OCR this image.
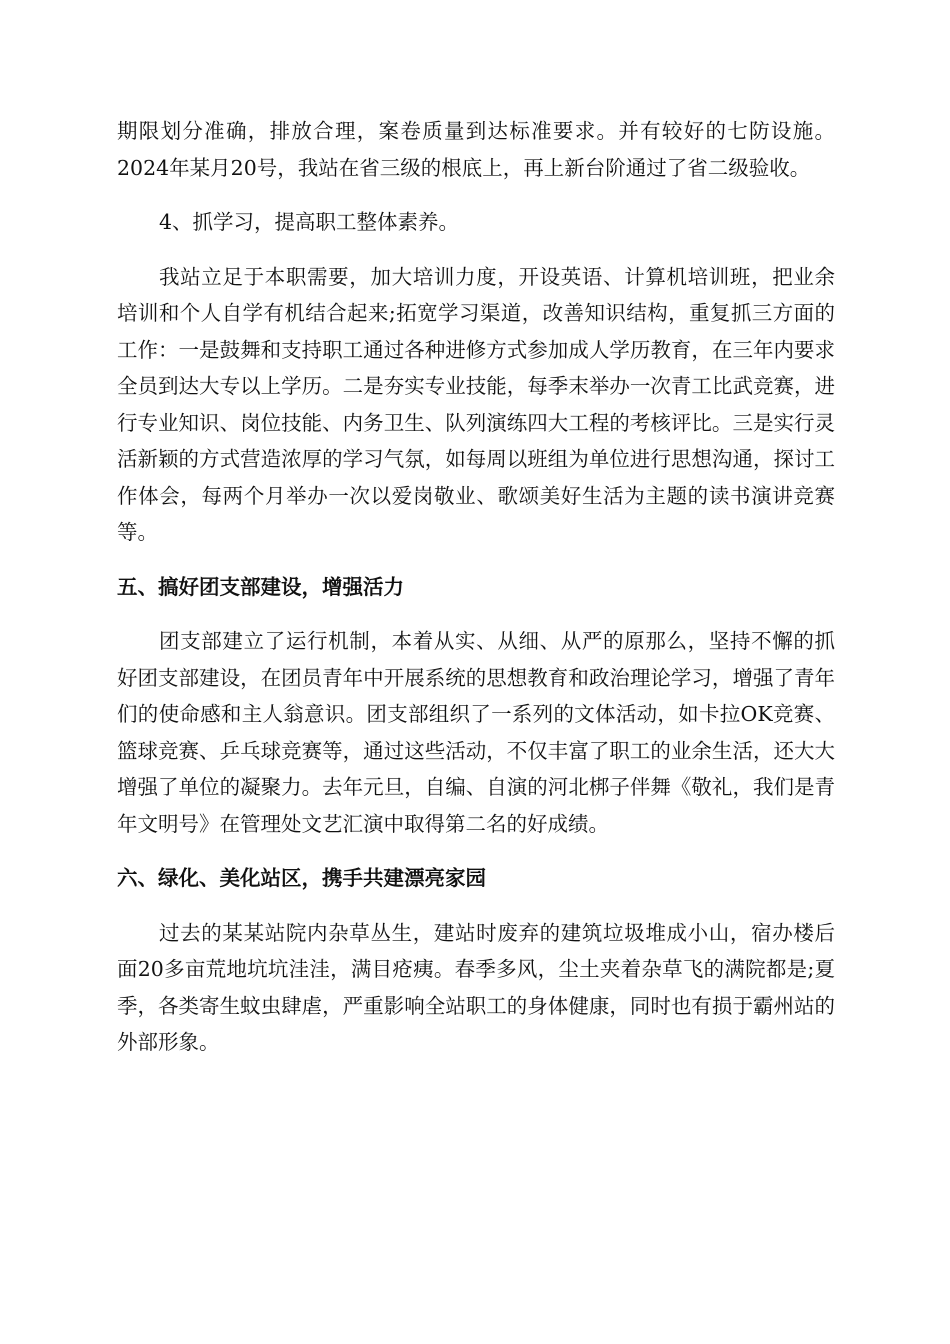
期限划分准确，排放合理，案卷质量到达标准要求。并有较好的七防设施。2024年某月20号，我站在省三级的根底上，再上新台阶通过了省二级验收。

4、抓学习，提高职工整体素养。

我站立足于本职需要，加大培训力度，开设英语、计算机培训班，把业余培训和个人自学有机结合起来;拓宽学习渠道，改善知识结构，重复抓三方面的工作：一是鼓舞和支持职工通过各种进修方式参加成人学历教育，在三年内要求全员到达大专以上学历。二是夯实专业技能，每季末举办一次青工比武竞赛，进行专业知识、岗位技能、内务卫生、队列演练四大工程的考核评比。三是实行灵活新颖的方式营造浓厚的学习气氛，如每周以班组为单位进行思想沟通，探讨工作体会，每两个月举办一次以爱岗敬业、歌颂美好生活为主题的读书演讲竞赛等。

五、搞好团支部建设，增强活力

团支部建立了运行机制，本着从实、从细、从严的原那么，坚持不懈的抓好团支部建设，在团员青年中开展系统的思想教育和政治理论学习，增强了青年们的使命感和主人翁意识。团支部组织了一系列的文体活动，如卡拉OK竞赛、篮球竞赛、乒乓球竞赛等，通过这些活动，不仅丰富了职工的业余生活，还大大增强了单位的凝聚力。去年元旦，自编、自演的河北梆子伴舞《敬礼，我们是青年文明号》在管理处文艺汇演中取得第二名的好成绩。

六、绿化、美化站区，携手共建漂亮家园

过去的某某站院内杂草丛生，建站时废弃的建筑垃圾堆成小山，宿办楼后面20多亩荒地坑坑洼洼，满目疮痍。春季多风，尘土夹着杂草飞的满院都是;夏季，各类寄生蚊虫肆虐，严重影响全站职工的身体健康，同时也有损于霸州站的外部形象。
